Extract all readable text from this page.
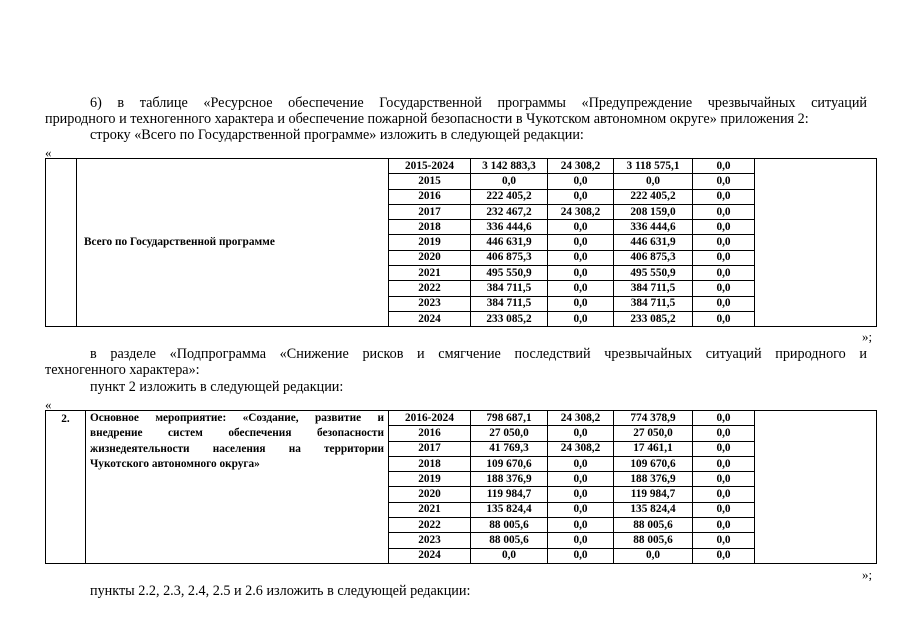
6) в таблице «Ресурсное обеспечение Государственной программы «Предупреждение чрезвычайных ситуаций
природного и техногенного характера и обеспечение пожарной безопасности в Чукотском автономном округе» приложения 2:
строку «Всего по Государственной программе» изложить в следующей редакции:
«
	Всего по Государственной программе	2015-2024	3 142 883,3	24 308,2	3 118 575,1	0,0	
		2015	0,0	0,0	0,0	0,0	
		2016	222 405,2	0,0	222 405,2	0,0	
		2017	232 467,2	24 308,2	208 159,0	0,0	
		2018	336 444,6	0,0	336 444,6	0,0	
		2019	446 631,9	0,0	446 631,9	0,0	
		2020	406 875,3	0,0	406 875,3	0,0	
		2021	495 550,9	0,0	495 550,9	0,0	
		2022	384 711,5	0,0	384 711,5	0,0	
		2023	384 711,5	0,0	384 711,5	0,0	
		2024	233 085,2	0,0	233 085,2	0,0	
»;
в разделе «Подпрограмма «Снижение рисков и смягчение последствий чрезвычайных ситуаций природного и
техногенного характера»:
пункт 2 изложить в следующей редакции:
«
2.	Основное мероприятие: «Создание, развитие и
внедрение систем обеспечения безопасности
жизнедеятельности населения на территории
Чукотского автономного округа»	2016-2024	798 687,1	24 308,2	774 378,9	0,0	
		2016	27 050,0	0,0	27 050,0	0,0	
		2017	41 769,3	24 308,2	17 461,1	0,0	
		2018	109 670,6	0,0	109 670,6	0,0	
		2019	188 376,9	0,0	188 376,9	0,0	
		2020	119 984,7	0,0	119 984,7	0,0	
		2021	135 824,4	0,0	135 824,4	0,0	
		2022	88 005,6	0,0	88 005,6	0,0	
		2023	88 005,6	0,0	88 005,6	0,0	
		2024	0,0	0,0	0,0	0,0	
»;
пункты 2.2, 2.3, 2.4, 2.5 и 2.6 изложить в следующей редакции:
